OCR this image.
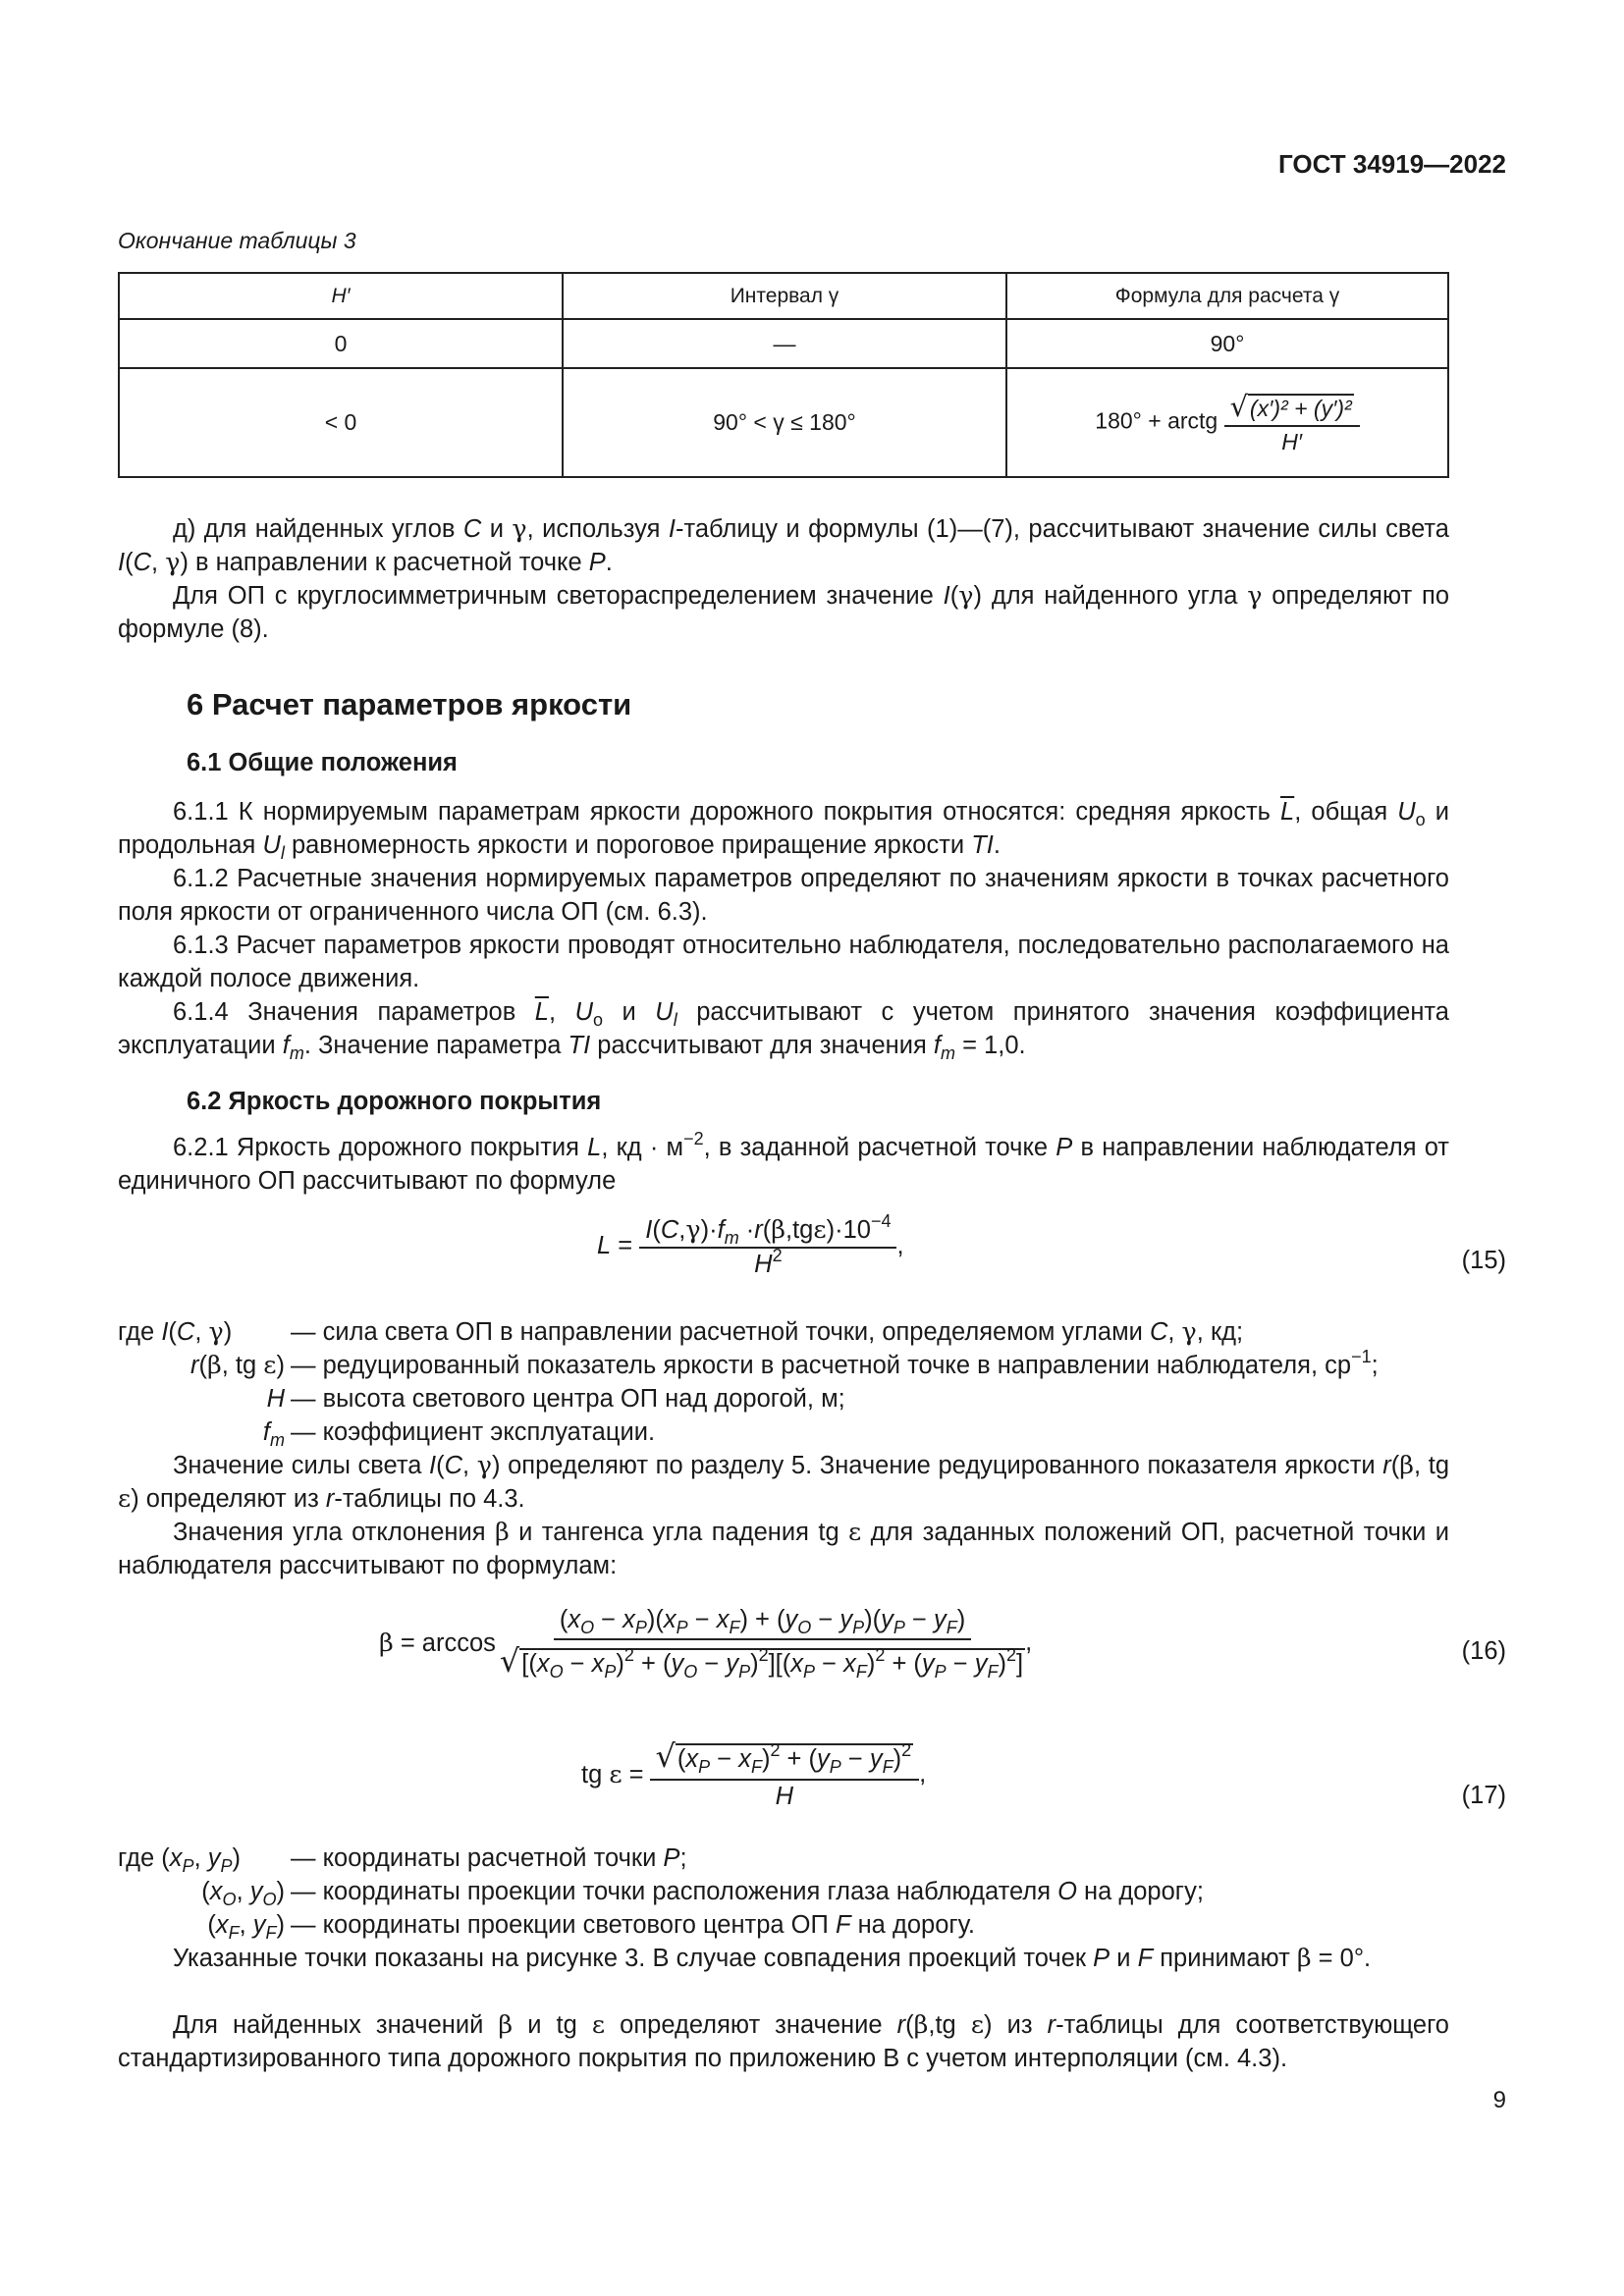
ГОСТ 34919—2022
Окончание таблицы 3
H′	Интервал γ	Формула для расчета γ
0	—	90°
< 0	90° < γ ≤ 180°	180° + arctg $\frac{\text{√(x′)² + (y′)²}}{H'}$
д) для найденных углов С и γ, используя I-таблицу и формулы (1)—(7), рассчитывают значение силы света I(С, γ) в направлении к расчетной точке Р.
Для ОП с круглосимметричным светораспределением значение I(γ) для найденного угла γ определяют по формуле (8).
6 Расчет параметров яркости
6.1 Общие положения
6.1.1 К нормируемым параметрам яркости дорожного покрытия относятся: средняя яркость $\overline{L}$, общая $U_о$ и продольная $U_l$ равномерность яркости и пороговое приращение яркости TI.
6.1.2 Расчетные значения нормируемых параметров определяют по значениям яркости в точках расчетного поля яркости от ограниченного числа ОП (см. 6.3).
6.1.3 Расчет параметров яркости проводят относительно наблюдателя, последовательно располагаемого на каждой полосе движения.
6.1.4 Значения параметров $\overline{L}$, $U_о$ и $U_l$ рассчитывают с учетом принятого значения коэффициента эксплуатации $f_m$. Значение параметра TI рассчитывают для значения $f_m = 1,0$.
6.2 Яркость дорожного покрытия
6.2.1 Яркость дорожного покрытия L, кд · $м^{-2}$, в заданной расчетной точке Р в направлении наблюдателя от единичного ОП рассчитывают по формуле
$L = \frac{I(C,\gamma)\cdot f_m \cdot r(\beta,tg\varepsilon)\cdot 10^{-4}}{H^2}$ ,
(15)
где I(C, γ)	— сила света ОП в направлении расчетной точки, определяемом углами C, γ, кд;
r(β, tg ε) — редуцированный показатель яркости в расчетной точке в направлении наблюдателя, $ср^{-1}$;
H — высота светового центра ОП над дорогой, м;
$f_m$ — коэффициент эксплуатации.
Значение силы света I(C, γ) определяют по разделу 5. Значение редуцированного показателя яркости r(β, tg ε) определяют из r-таблицы по 4.3.
Значения угла отклонения β и тангенса угла падения tg ε для заданных положений ОП, расчетной точки и наблюдателя рассчитывают по формулам:
$\beta = \arccos \frac{(x_O - x_P)(x_P - x_F) + (y_O - y_P)(y_P - y_F)}{√[(x_O - x_P)^2 + (y_O - y_P)^2][(x_P - x_F)^2 + (y_P - y_F)^2]}$ ,	(16)
tg $\varepsilon = \frac{√(x_P - x_F)^2 + (y_P - y_F)^2}{H}$ ,
(17)
где ($x_P$, $y_P$)	— координаты расчетной точки P;
($x_O$, $y_O$) — координаты проекции точки расположения глаза наблюдателя O на дорогу;
($x_F$, $y_F$) — координаты проекции светового центра ОП F на дорогу.
Указанные точки показаны на рисунке 3. В случае совпадения проекций точек P и F принимают β = 0°.
Для найденных значений β и tg ε определяют значение r(β,tg ε) из r-таблицы для соответствующего стандартизированного типа дорожного покрытия по приложению В с учетом интерполяции (см. 4.3).
9
